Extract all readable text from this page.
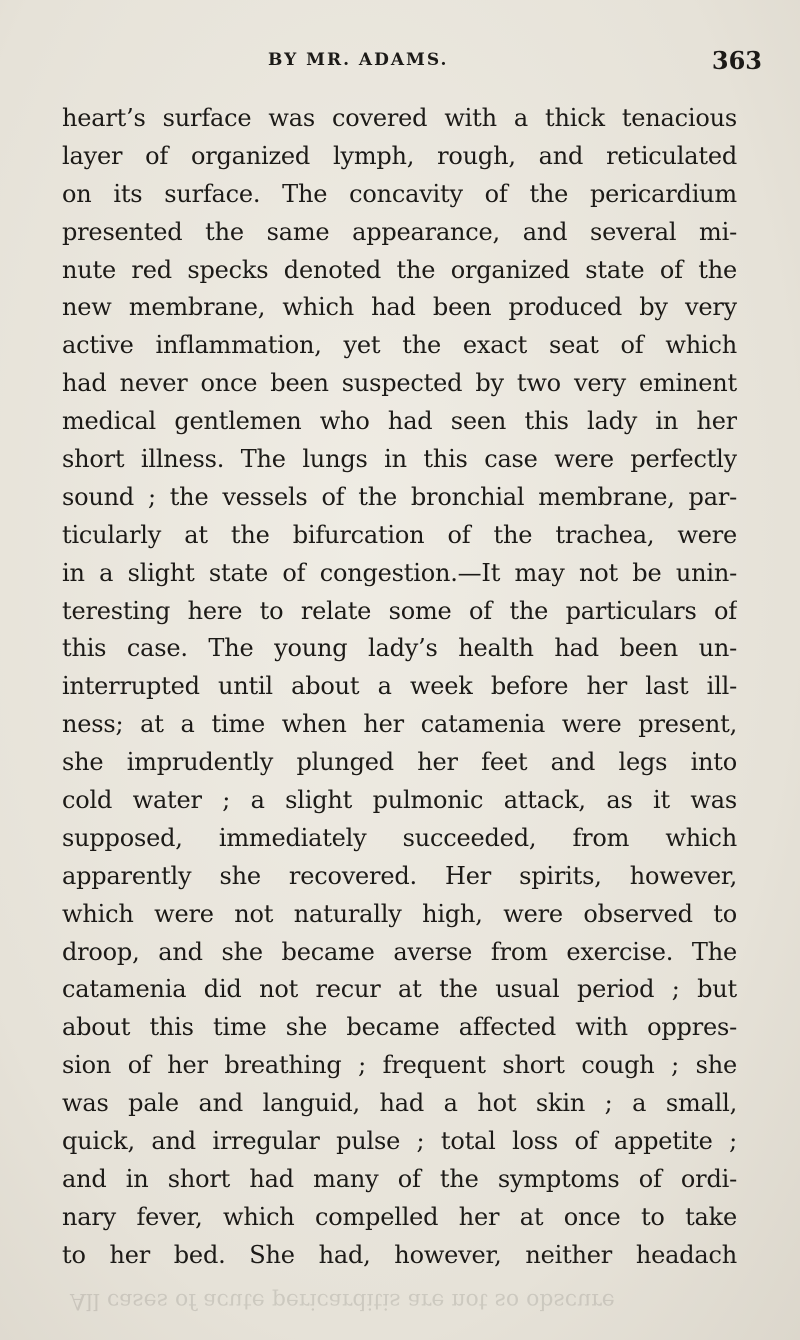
BY MR. ADAMS.	363
heart’s surface was covered with a thick tenacious
layer of organized lymph, rough, and reticulated
on its surface. The concavity of the pericardium
presented the same appearance, and several mi-
nute red specks denoted the organized state of the
new membrane, which had been produced by very
active inflammation, yet the exact seat of which
had never once been suspected by two very eminent
medical gentlemen who had seen this lady in her
short illness. The lungs in this case were perfectly
sound ; the vessels of the bronchial membrane, par-
ticularly at the bifurcation of the trachea, were
in a slight state of congestion.—It may not be unin-
teresting here to relate some of the particulars of
this case. The young lady’s health had been un-
interrupted until about a week before her last ill-
ness; at a time when her catamenia were present,
she imprudently plunged her feet and legs into
cold water ; a slight pulmonic attack, as it was
supposed, immediately succeeded, from which
apparently she recovered. Her spirits, however,
which were not naturally high, were observed to
droop, and she became averse from exercise. The
catamenia did not recur at the usual period ; but
about this time she became affected with oppres-
sion of her breathing ; frequent short cough ; she
was pale and languid, had a hot skin ; a small,
quick, and irregular pulse ; total loss of appetite ;
and in short had many of the symptoms of ordi-
nary fever, which compelled her at once to take
to her bed. She had, however, neither headach
All cases of acute pericarditis are not so obscure
